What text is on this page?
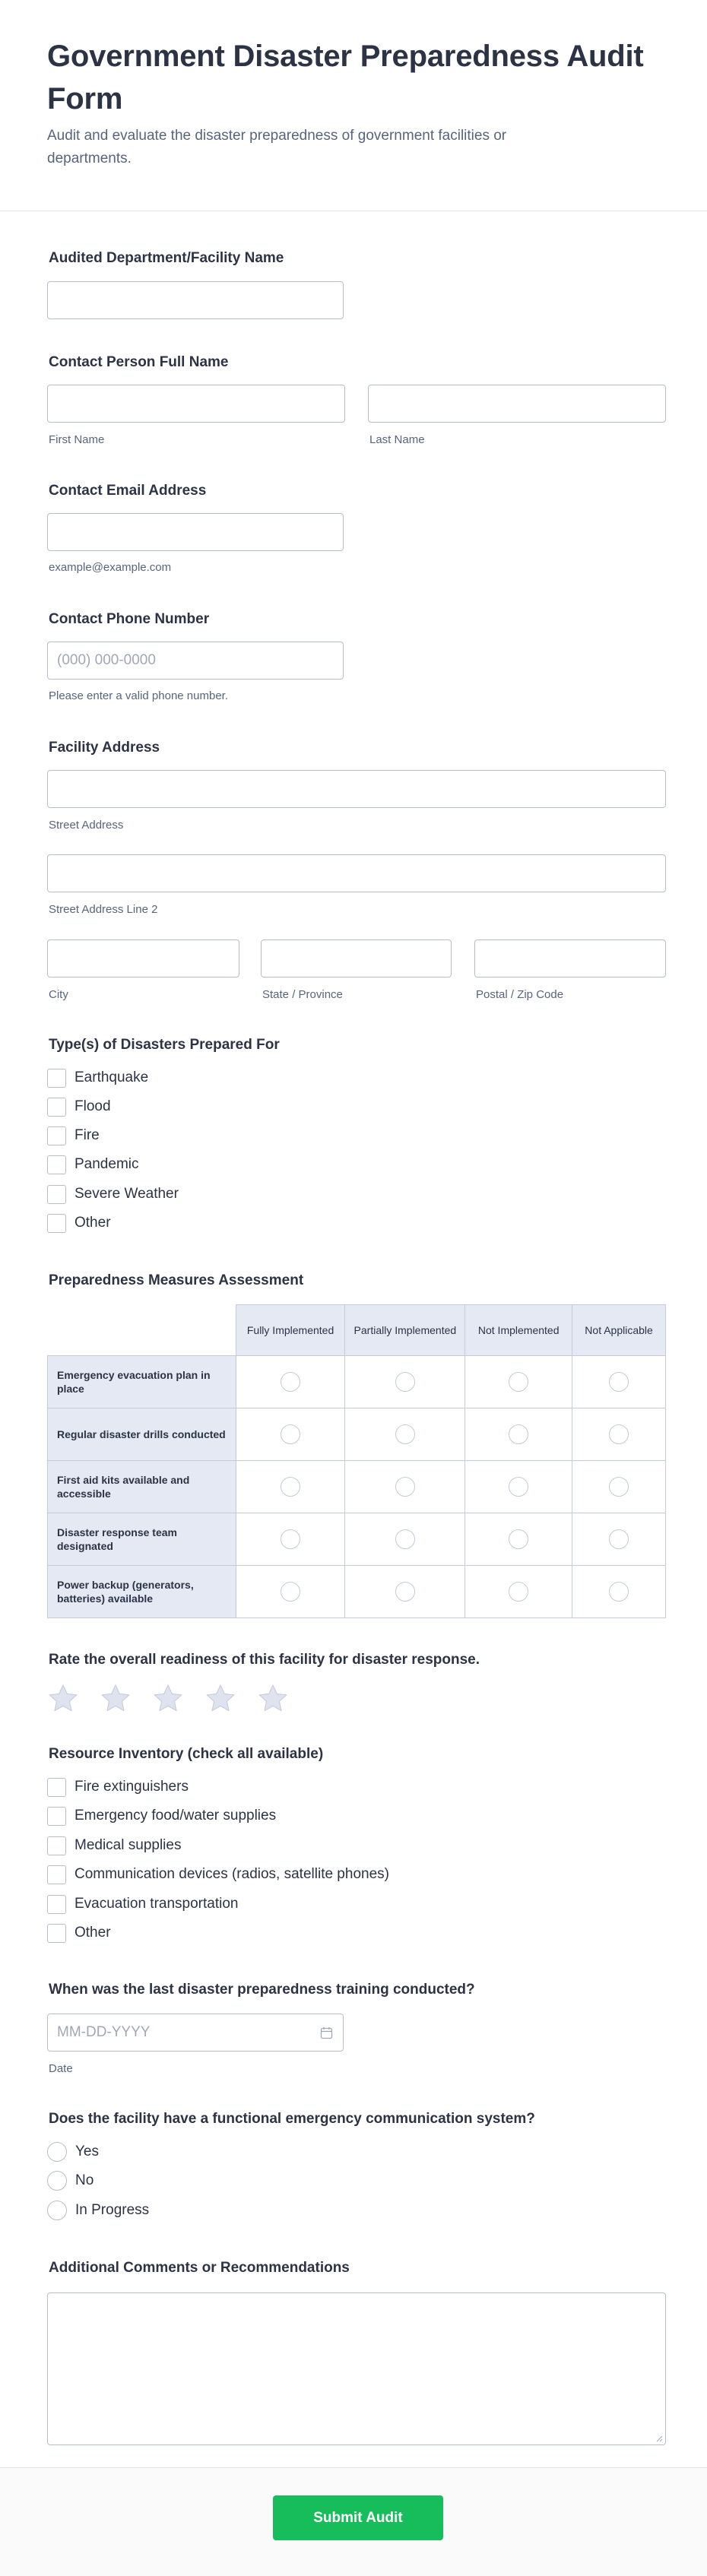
Government Disaster Preparedness Audit Form

Audit and evaluate the disaster preparedness of government facilities or departments.

Audited Department/Facility Name
Contact Person Full Name
First Name	Last Name
Contact Email Address
example@example.com
Contact Phone Number
(000) 000-0000
Please enter a valid phone number.
Facility Address
Street Address
Street Address Line 2
City	State / Province	Postal / Zip Code
Type(s) of Disasters Prepared For
Earthquake
Flood
Fire
Pandemic
Severe Weather
Other
Preparedness Measures Assessment
	Fully Implemented	Partially Implemented	Not Implemented	Not Applicable
Emergency evacuation plan in place				
Regular disaster drills conducted				
First aid kits available and accessible				
Disaster response team designated				
Power backup (generators, batteries) available				
Rate the overall readiness of this facility for disaster response.
Resource Inventory (check all available)
Fire extinguishers
Emergency food/water supplies
Medical supplies
Communication devices (radios, satellite phones)
Evacuation transportation
Other
When was the last disaster preparedness training conducted?
MM-DD-YYYY
Date
Does the facility have a functional emergency communication system?
Yes
No
In Progress
Additional Comments or Recommendations
Submit Audit
